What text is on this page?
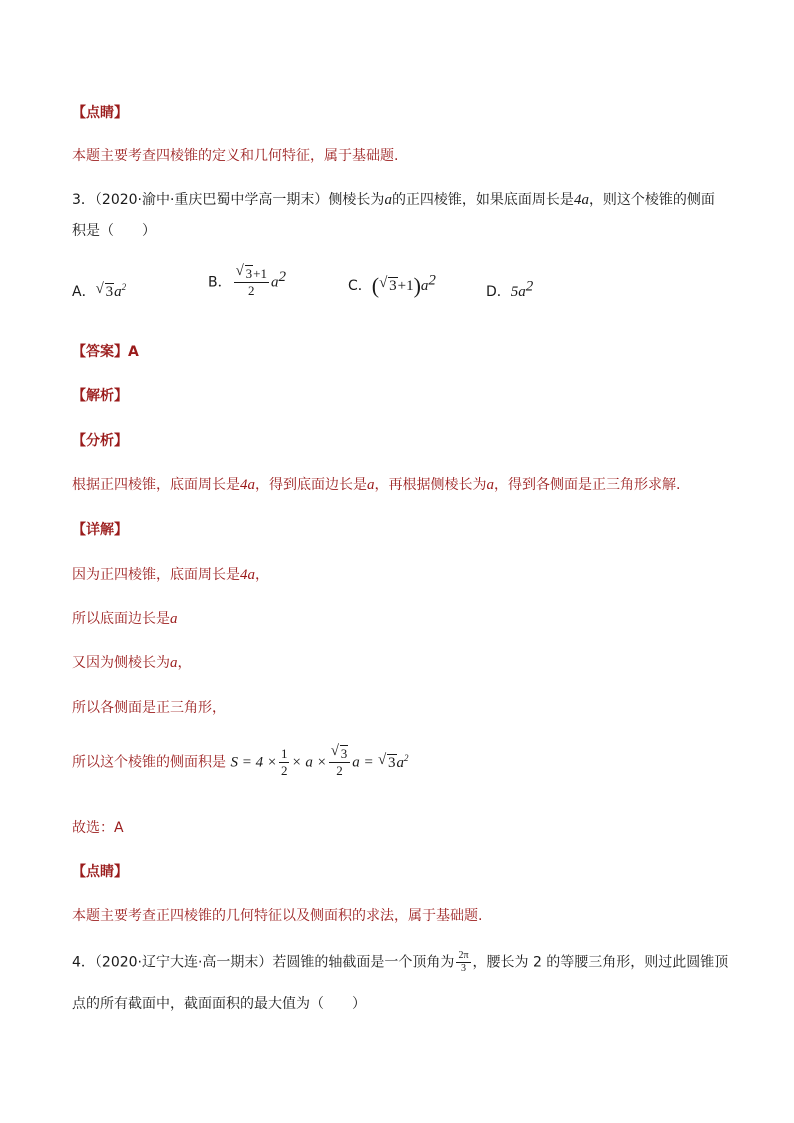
【点睛】
本题主要考查四棱锥的定义和几何特征，属于基础题.
3．（2020·渝中·重庆巴蜀中学高一期末）侧棱长为a的正四棱锥，如果底面周长是4a，则这个棱锥的侧面
积是（　　）
A． √ $3a^2$	B． $\frac{√ 3+1}{2} a^2$
C．( √ $3+1)a^2$
D．$5a^2$
【答案】A
【解析】
【分析】
根据正四棱锥，底面周长是4a，得到底面边长是a，再根据侧棱长为a，得到各侧面是正三角形求解.
【详解】
因为正四棱锥，底面周长是4a，
所以底面边长是a
又因为侧棱长为a，
所以各侧面是正三角形，
所以这个棱锥的侧面积是 $S = 4 \times \frac{1}{2} \times a \times \frac{√ 3}{2}$ a = √ $3a^2$
故选：A
【点睛】
本题主要考查正四棱锥的几何特征以及侧面积的求法，属于基础题.
4．（2020·辽宁大连·高一期末）若圆锥的轴截面是一个顶角为 $\frac{2\pi}{3}$ ，腰长为 2 的等腰三角形，则过此圆锥顶
点的所有截面中，截面面积的最大值为（　　）
